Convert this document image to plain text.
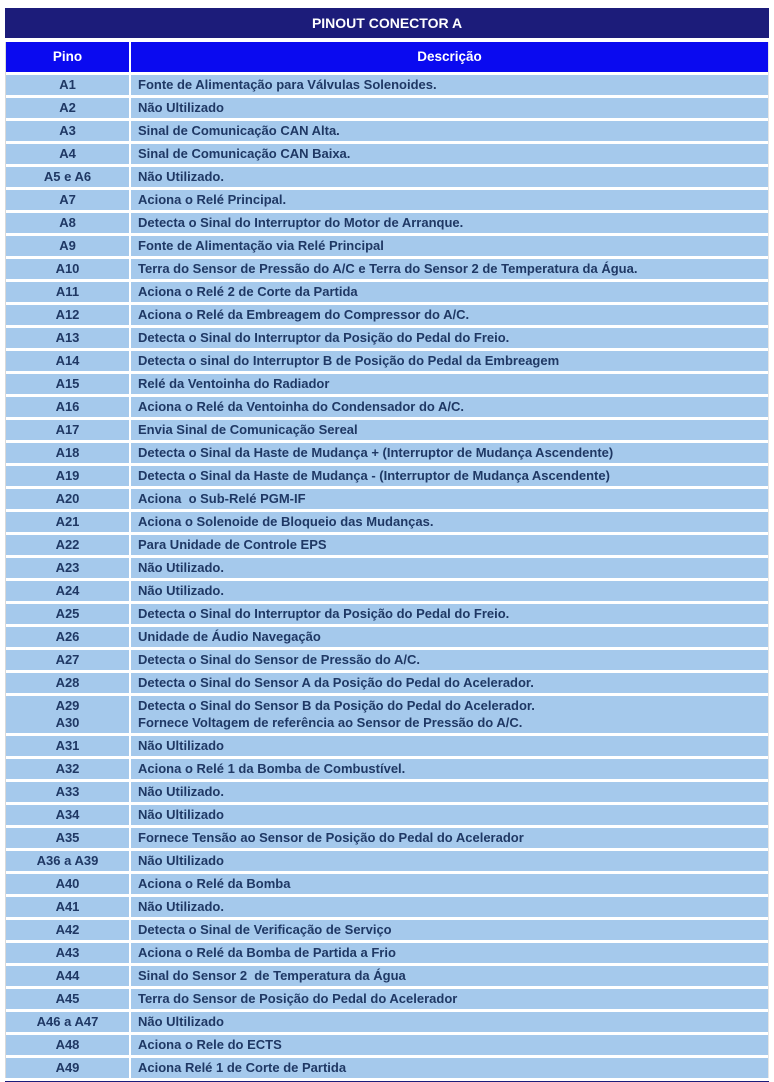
PINOUT CONECTOR A
Pino	Descrição
A1	Fonte de Alimentação para Válvulas Solenoides.
A2	Não Ultilizado
A3	Sinal de Comunicação CAN Alta.
A4	Sinal de Comunicação CAN Baixa.
A5 e A6	Não Utilizado.
A7	Aciona o Relé Principal.
A8	Detecta o Sinal do Interruptor do Motor de Arranque.
A9	Fonte de Alimentação via Relé Principal
A10	Terra do Sensor de Pressão do A/C e Terra do Sensor 2 de Temperatura da Água.
A11	Aciona o Relé 2 de Corte da Partida
A12	Aciona o Relé da Embreagem do Compressor do A/C.
A13	Detecta o Sinal do Interruptor da Posição do Pedal do Freio.
A14	Detecta o sinal do Interruptor B de Posição do Pedal da Embreagem
A15	Relé da Ventoinha do Radiador
A16	Aciona o Relé da Ventoinha do Condensador do A/C.
A17	Envia Sinal de Comunicação Sereal
A18	Detecta o Sinal da Haste de Mudança + (Interruptor de Mudança Ascendente)
A19	Detecta o Sinal da Haste de Mudança - (Interruptor de Mudança Ascendente)
A20	Aciona  o Sub-Relé PGM-IF
A21	Aciona o Solenoide de Bloqueio das Mudanças.
A22	Para Unidade de Controle EPS
A23	Não Utilizado.
A24	Não Utilizado.
A25	Detecta o Sinal do Interruptor da Posição do Pedal do Freio.
A26	Unidade de Áudio Navegação
A27	Detecta o Sinal do Sensor de Pressão do A/C.
A28	Detecta o Sinal do Sensor A da Posição do Pedal do Acelerador.
A29	Detecta o Sinal do Sensor B da Posição do Pedal do Acelerador.
A30	Fornece Voltagem de referência ao Sensor de Pressão do A/C.
A31	Não Ultilizado
A32	Aciona o Relé 1 da Bomba de Combustível.
A33	Não Utilizado.
A34	Não Ultilizado
A35	Fornece Tensão ao Sensor de Posição do Pedal do Acelerador
A36 a A39	Não Ultilizado
A40	Aciona o Relé da Bomba
A41	Não Utilizado.
A42	Detecta o Sinal de Verificação de Serviço
A43	Aciona o Relé da Bomba de Partida a Frio
A44	Sinal do Sensor 2  de Temperatura da Água
A45	Terra do Sensor de Posição do Pedal do Acelerador
A46 a A47	Não Ultilizado
A48	Aciona o Rele do ECTS
A49	Aciona Relé 1 de Corte de Partida
